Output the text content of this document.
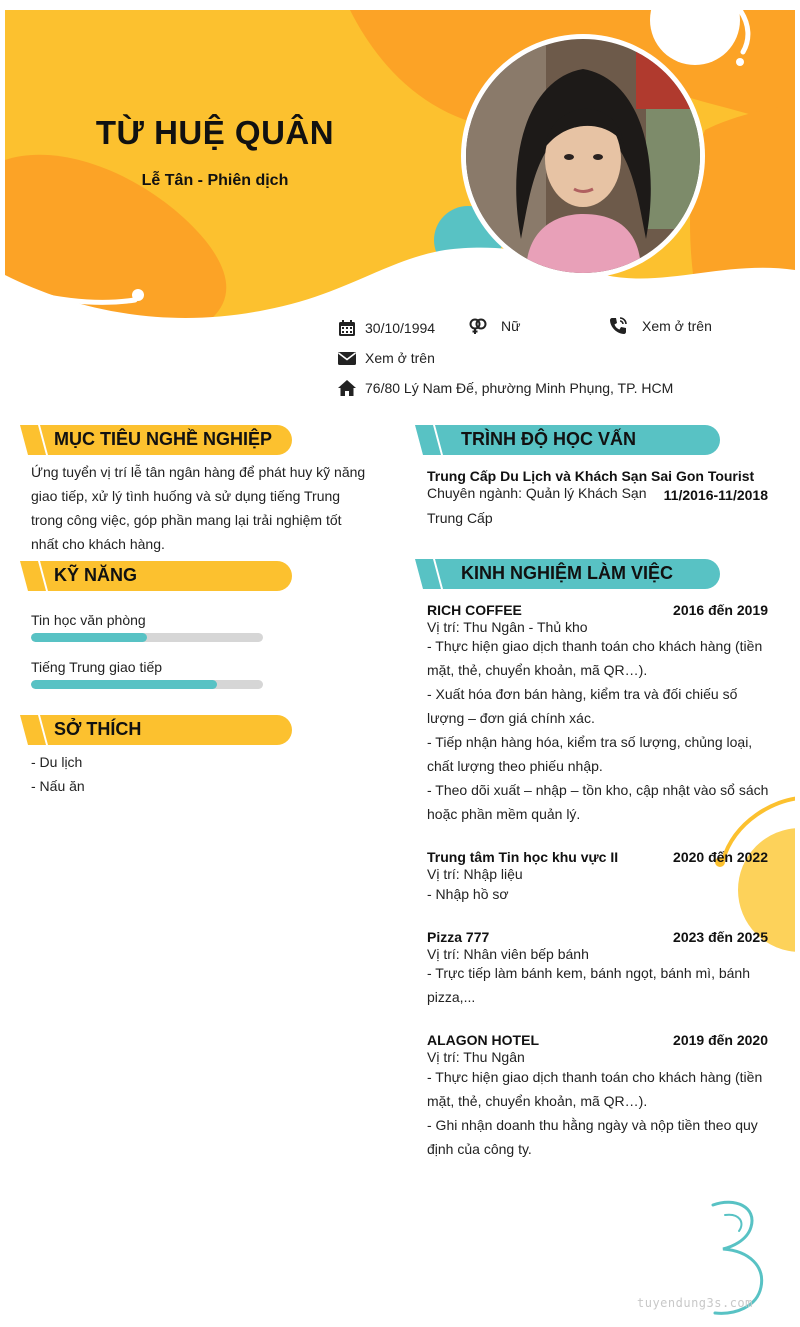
TỪ HUỆ QUÂN
Lễ Tân - Phiên dịch
30/10/1994	Nữ	Xem ở trên
Xem ở trên
76/80 Lý Nam Đế, phường Minh Phụng, TP. HCM
MỤC TIÊU NGHỀ NGHIỆP
Ứng tuyển vị trí lễ tân ngân hàng để phát huy kỹ năng
giao tiếp, xử lý tình huống và sử dụng tiếng Trung
trong công việc, góp phần mang lại trải nghiệm tốt
nhất cho khách hàng.
KỸ NĂNG
Tin học văn phòng
Tiếng Trung giao tiếp
SỞ THÍCH
- Du lịch
- Nấu ăn
TRÌNH ĐỘ HỌC VẤN
Trung Cấp Du Lịch và Khách Sạn Sai Gon Tourist
Chuyên ngành: Quản lý Khách Sạn 11/2016-11/2018
Trung Cấp
KINH NGHIỆM LÀM VIỆC
RICH COFFEE	2016 đến 2019
Vị trí: Thu Ngân - Thủ kho
- Thực hiện giao dịch thanh toán cho khách hàng (tiền
mặt, thẻ, chuyển khoản, mã QR…).
- Xuất hóa đơn bán hàng, kiểm tra và đối chiếu số
lượng – đơn giá chính xác.
- Tiếp nhận hàng hóa, kiểm tra số lượng, chủng loại,
chất lượng theo phiếu nhập.
- Theo dõi xuất – nhập – tồn kho, cập nhật vào sổ sách
hoặc phần mềm quản lý.
Trung tâm Tin học khu vực II	2020 đến 2022
Vị trí: Nhập liệu
- Nhập hồ sơ
Pizza 777	2023 đến 2025
Vị trí: Nhân viên bếp bánh
- Trực tiếp làm bánh kem, bánh ngọt, bánh mì, bánh
pizza,...
ALAGON HOTEL	2019 đến 2020
Vị trí: Thu Ngân
- Thực hiện giao dịch thanh toán cho khách hàng (tiền
mặt, thẻ, chuyển khoản, mã QR…).
- Ghi nhận doanh thu hằng ngày và nộp tiền theo quy
định của công ty.
tuyendung3s.com
